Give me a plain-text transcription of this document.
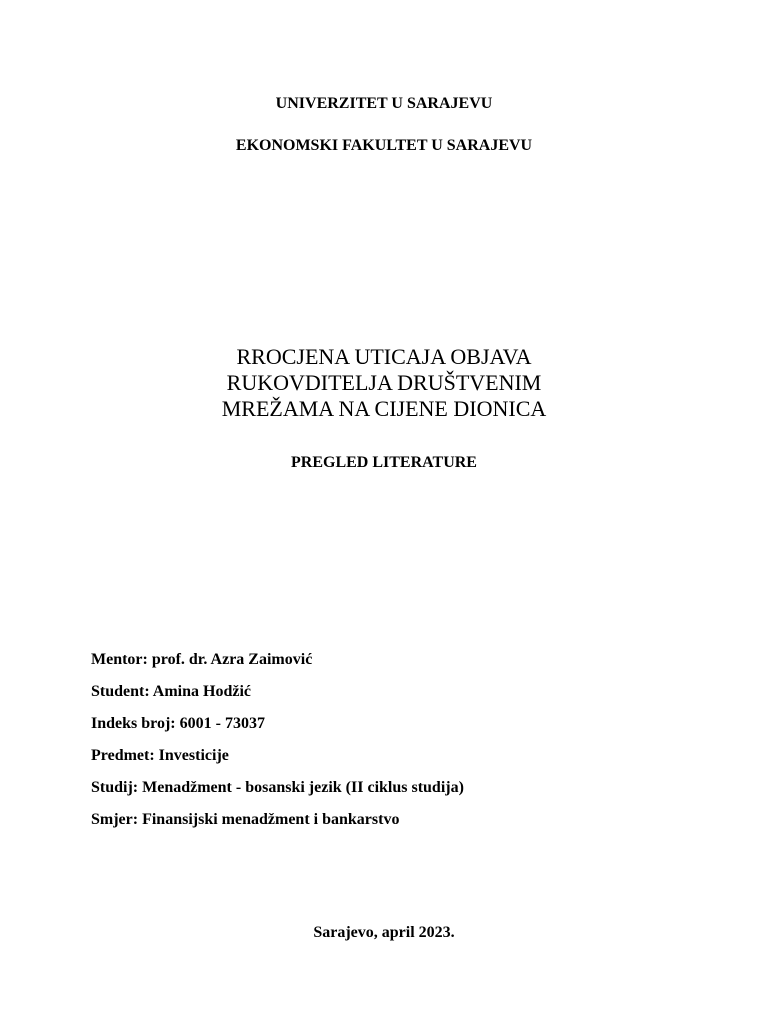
UNIVERZITET U SARAJEVU
EKONOMSKI FAKULTET U SARAJEVU
RROCJENA UTICAJA OBJAVA
RUKOVDITELJA DRUŠTVENIM
MREŽAMA NA CIJENE DIONICA
PREGLED LITERATURE
Mentor: prof. dr. Azra Zaimović
Student: Amina Hodžić
Indeks broj: 6001 - 73037
Predmet: Investicije
Studij: Menadžment - bosanski jezik (II ciklus studija)
Smjer: Finansijski menadžment i bankarstvo
Sarajevo, april 2023.
